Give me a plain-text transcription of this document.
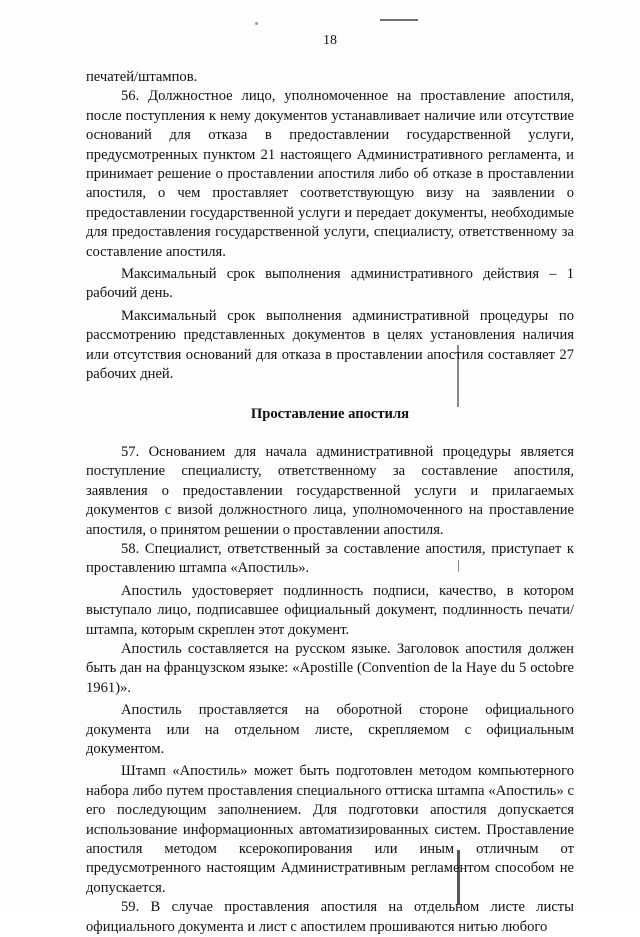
18

печатей/штампов.

56. Должностное лицо, уполномоченное на проставление апостиля, после поступления к нему документов устанавливает наличие или отсутствие оснований для отказа в предоставлении государственной услуги, предусмотренных пунктом 21 настоящего Административного регламента, и принимает решение о проставлении апостиля либо об отказе в проставлении апостиля, о чем проставляет соответствующую визу на заявлении о предоставлении государственной услуги и передает документы, необходимые для предоставления государственной услуги, специалисту, ответственному за составление апостиля.

Максимальный срок выполнения административного действия – 1 рабочий день.

Максимальный срок выполнения административной процедуры по рассмотрению представленных документов в целях установления наличия или отсутствия оснований для отказа в проставлении апостиля составляет 27 рабочих дней.

Проставление апостиля

57. Основанием для начала административной процедуры является поступление специалисту, ответственному за составление апостиля, заявления о предоставлении государственной услуги и прилагаемых документов с визой должностного лица, уполномоченного на проставление апостиля, о принятом решении о проставлении апостиля.

58. Специалист, ответственный за составление апостиля, приступает к проставлению штампа «Апостиль».

Апостиль удостоверяет подлинность подписи, качество, в котором выступало лицо, подписавшее официальный документ, подлинность печати/штампа, которым скреплен этот документ.

Апостиль составляется на русском языке. Заголовок апостиля должен быть дан на французском языке: «Apostille (Convention de la Haye du 5 octobre 1961)».

Апостиль проставляется на оборотной стороне официального документа или на отдельном листе, скрепляемом с официальным документом.

Штамп «Апостиль» может быть подготовлен методом компьютерного набора либо путем проставления специального оттиска штампа «Апостиль» с его последующим заполнением. Для подготовки апостиля допускается использование информационных автоматизированных систем. Проставление апостиля методом ксерокопирования или иным отличным от предусмотренного настоящим Административным регламентом способом не допускается.

59. В случае проставления апостиля на отдельном листе листы официального документа и лист с апостилем прошиваются нитью любого
